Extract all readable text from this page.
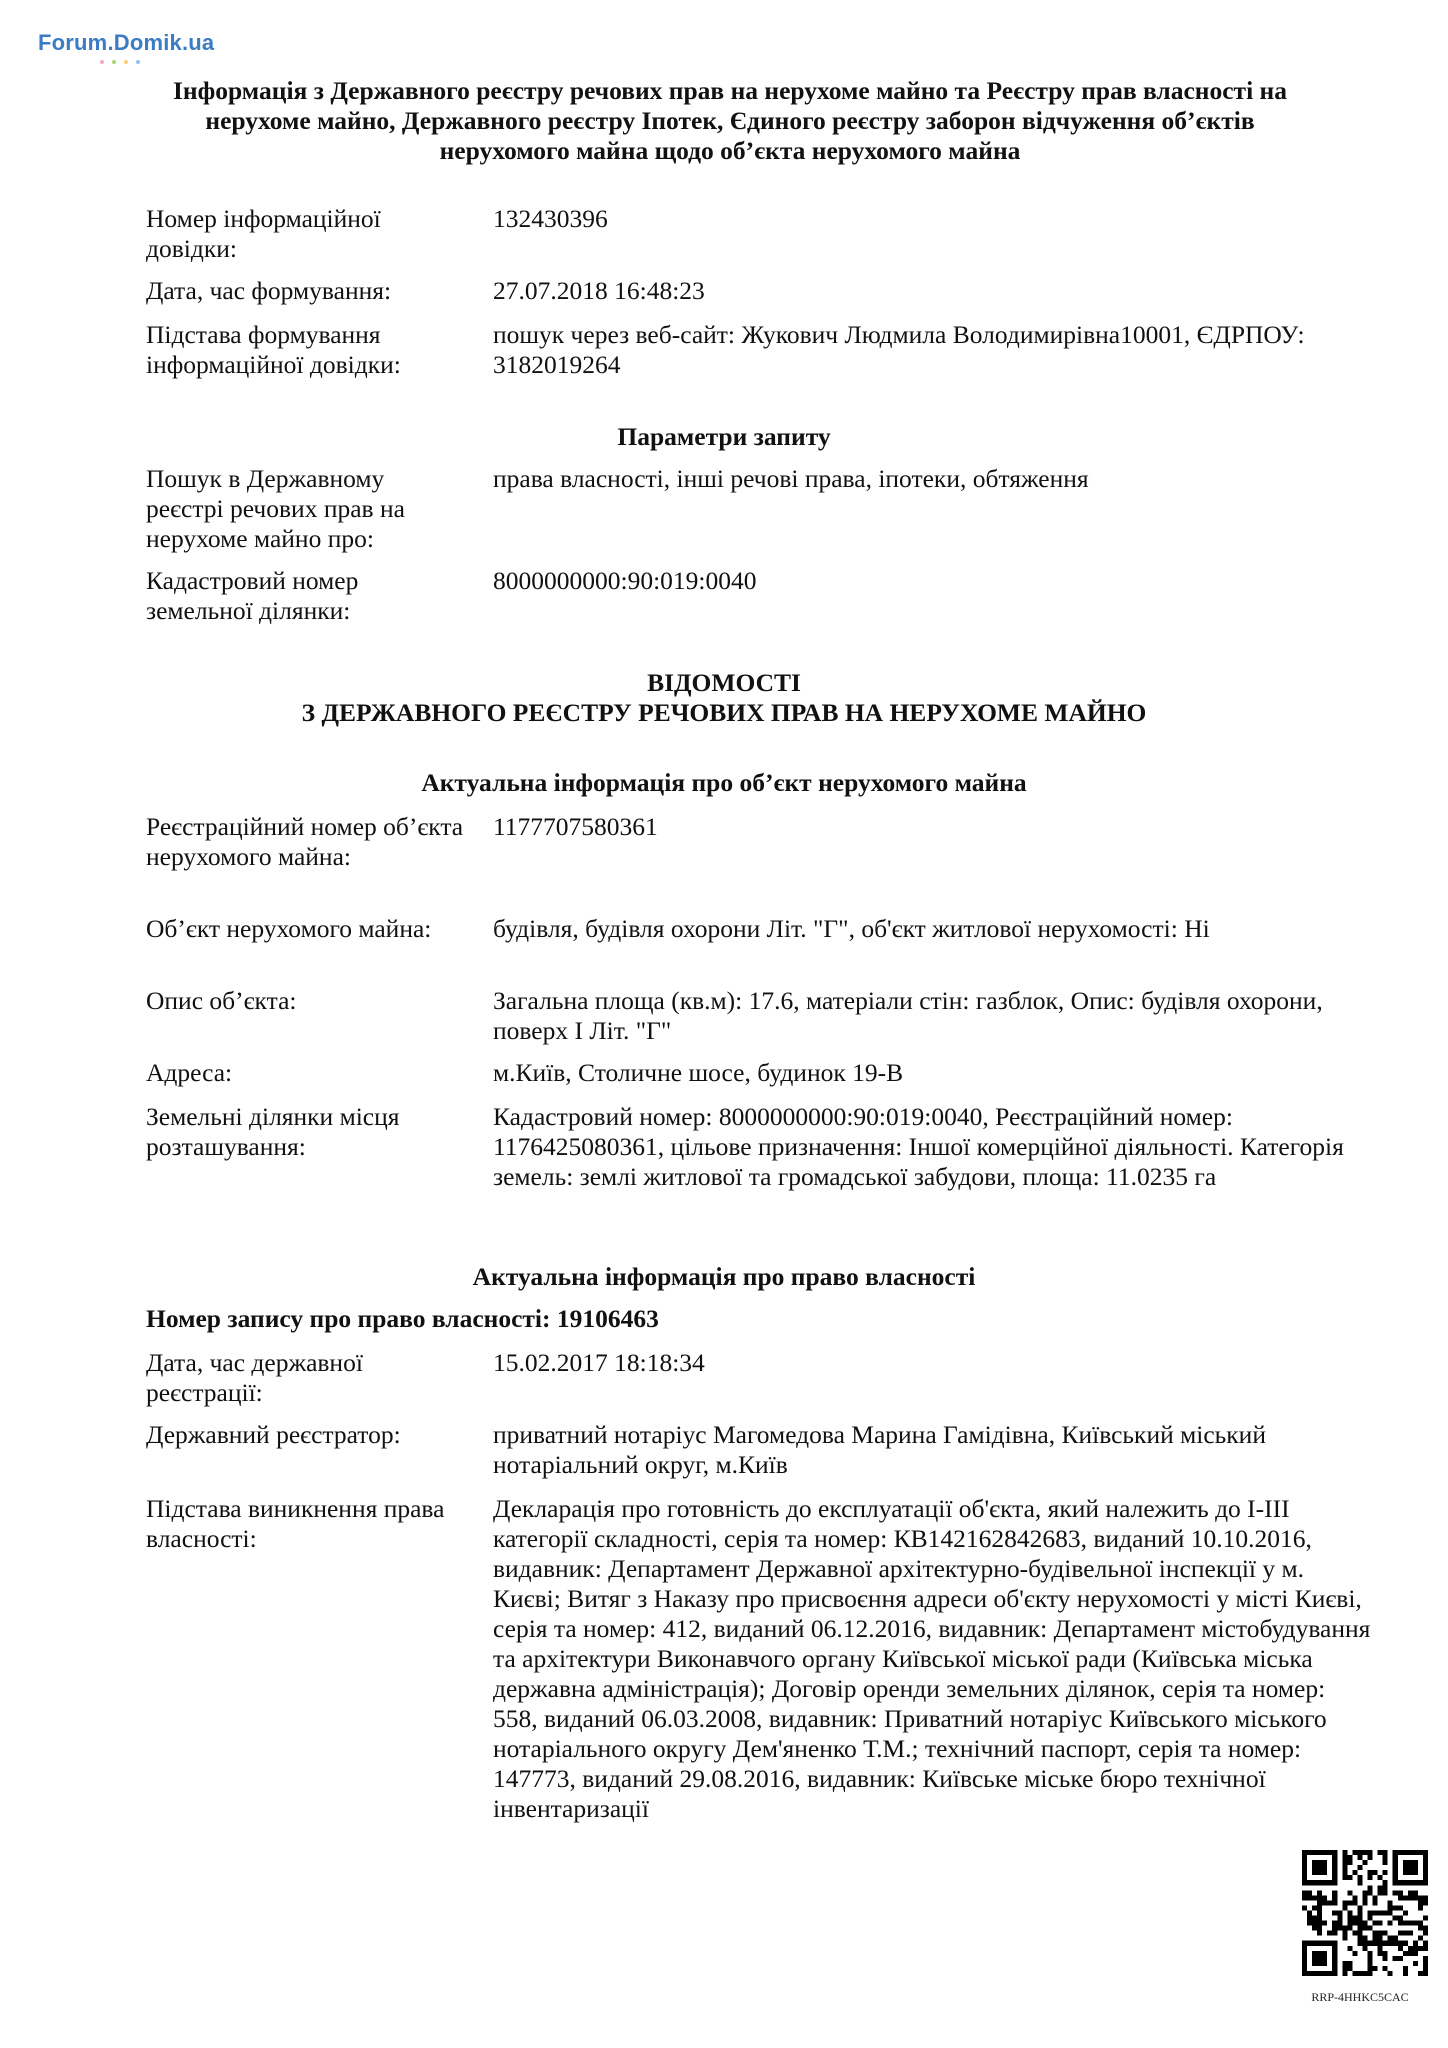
Forum.Domik.ua
Інформація з Державного реєстру речових прав на нерухоме майно та Реєстру прав власності на нерухоме майно, Державного реєстру Іпотек, Єдиного реєстру заборон відчуження об’єктів нерухомого майна щодо об’єкта нерухомого майна
Номер інформаційної довідки:
132430396
Дата, час формування:	27.07.2018 16:48:23
Підстава формування інформаційної довідки:
пошук через веб-сайт: Жукович Людмила Володимирівна10001, ЄДРПОУ: 3182019264
Параметри запиту
Пошук в Державному реєстрі речових прав на нерухоме майно про:
права власності, інші речові права, іпотеки, обтяження
Кадастровий номер земельної ділянки:
8000000000:90:019:0040
ВІДОМОСТІ
З ДЕРЖАВНОГО РЕЄСТРУ РЕЧОВИХ ПРАВ НА НЕРУХОМЕ МАЙНО
Актуальна інформація про об’єкт нерухомого майна
Реєстраційний номер об’єкта нерухомого майна:
1177707580361
Об’єкт нерухомого майна:	будівля, будівля охорони Літ. "Г", об'єкт житлової нерухомості: Ні
Опис об’єкта:	Загальна площа (кв.м): 17.6, матеріали стін: газблок, Опис: будівля охорони, поверх І Літ. "Г"
Адреса:	м.Київ, Столичне шосе, будинок 19-В
Земельні ділянки місця розташування:
Кадастровий номер: 8000000000:90:019:0040, Реєстраційний номер: 1176425080361, цільове призначення: Іншої комерційної діяльності. Категорія земель: землі житлової та громадської забудови, площа: 11.0235 га
Актуальна інформація про право власності
Номер запису про право власності: 19106463
Дата, час державної реєстрації:
15.02.2017 18:18:34
Державний реєстратор:	приватний нотаріус Магомедова Марина Гамідівна, Київський міський нотаріальний округ, м.Київ
Підстава виникнення права власності:
Декларація про готовність до експлуатації об'єкта, який належить до І-ІІІ категорії складності, серія та номер: КВ142162842683, виданий 10.10.2016, видавник: Департамент Державної архітектурно-будівельної інспекції у м. Києві; Витяг з Наказу про присвоєння адреси об'єкту нерухомості у місті Києві, серія та номер: 412, виданий 06.12.2016, видавник: Департамент містобудування та архітектури Виконавчого органу Київської міської ради (Київська міська державна адміністрація); Договір оренди земельних ділянок, серія та номер: 558, виданий 06.03.2008, видавник: Приватний нотаріус Київського міського нотаріального округу Дем'яненко Т.М.; технічний паспорт, серія та номер: 147773, виданий 29.08.2016, видавник: Київське міське бюро технічної інвентаризації
RRP-4HHKC5CAC
